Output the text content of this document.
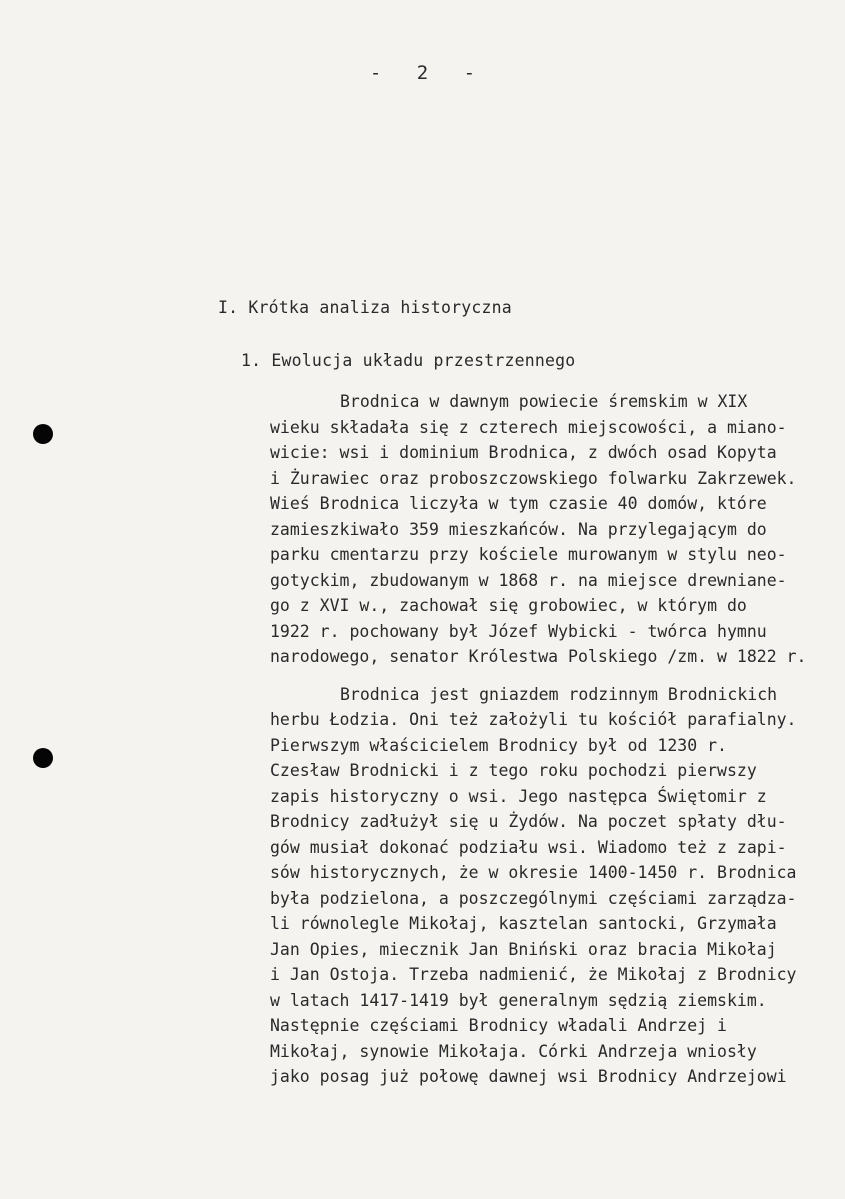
- 2 -
I. Krótka analiza historyczna
1. Ewolucja układu przestrzennego
Brodnica w dawnym powiecie śremskim w XIX
wieku składała się z czterech miejscowości, a miano-
wicie: wsi i dominium Brodnica, z dwóch osad Kopyta
i Żurawiec oraz proboszczowskiego folwarku Zakrzewek.
Wieś Brodnica liczyła w tym czasie 40 domów, które
zamieszkiwało 359 mieszkańców. Na przylegającym do
parku cmentarzu przy kościele murowanym w stylu neo-
gotyckim, zbudowanym w 1868 r. na miejsce drewniane-
go z XVI w., zachował się grobowiec, w którym do
1922 r. pochowany był Józef Wybicki - twórca hymnu
narodowego, senator Królestwa Polskiego /zm. w 1822 r.
Brodnica jest gniazdem rodzinnym Brodnickich
herbu Łodzia. Oni też założyli tu kościół parafialny.
Pierwszym właścicielem Brodnicy był od 1230 r.
Czesław Brodnicki i z tego roku pochodzi pierwszy
zapis historyczny o wsi. Jego następca Świętomir z
Brodnicy zadłużył się u Żydów. Na poczet spłaty dłu-
gów musiał dokonać podziału wsi. Wiadomo też z zapi-
sów historycznych, że w okresie 1400-1450 r. Brodnica
była podzielona, a poszczególnymi częściami zarządza-
li równolegle Mikołaj, kasztelan santocki, Grzymała
Jan Opies, miecznik Jan Bniński oraz bracia Mikołaj
i Jan Ostoja. Trzeba nadmienić, że Mikołaj z Brodnicy
w latach 1417-1419 był generalnym sędzią ziemskim.
Następnie częściami Brodnicy władali Andrzej i
Mikołaj, synowie Mikołaja. Córki Andrzeja wniosły
jako posag już połowę dawnej wsi Brodnicy Andrzejowi
